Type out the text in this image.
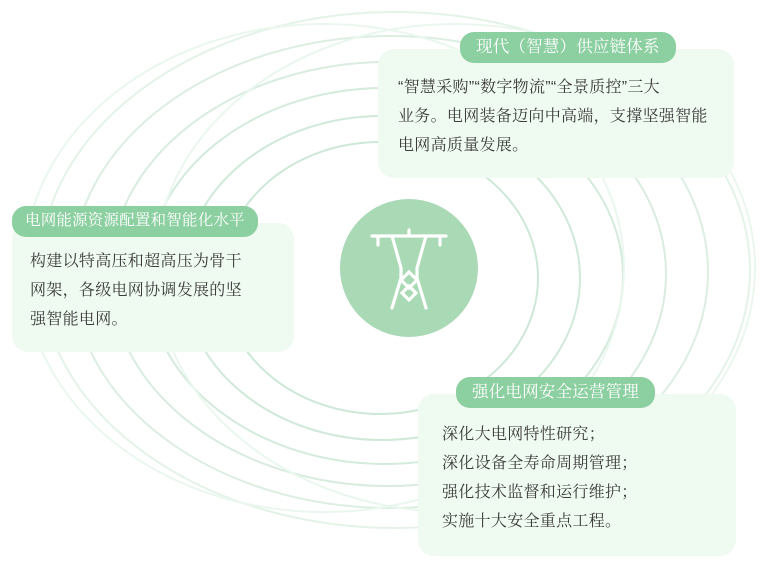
现代（智慧）供应链体系

“智慧采购”“数字物流”“全景质控”三大

业务。电网装备迈向中高端，支撑坚强智能

电网高质量发展。

电网能源资源配置和智能化水平

构建以特高压和超高压为骨干

网架，各级电网协调发展的坚

强智能电网。

强化电网安全运营管理

深化大电网特性研究；

深化设备全寿命周期管理；

强化技术监督和运行维护；

实施十大安全重点工程。
